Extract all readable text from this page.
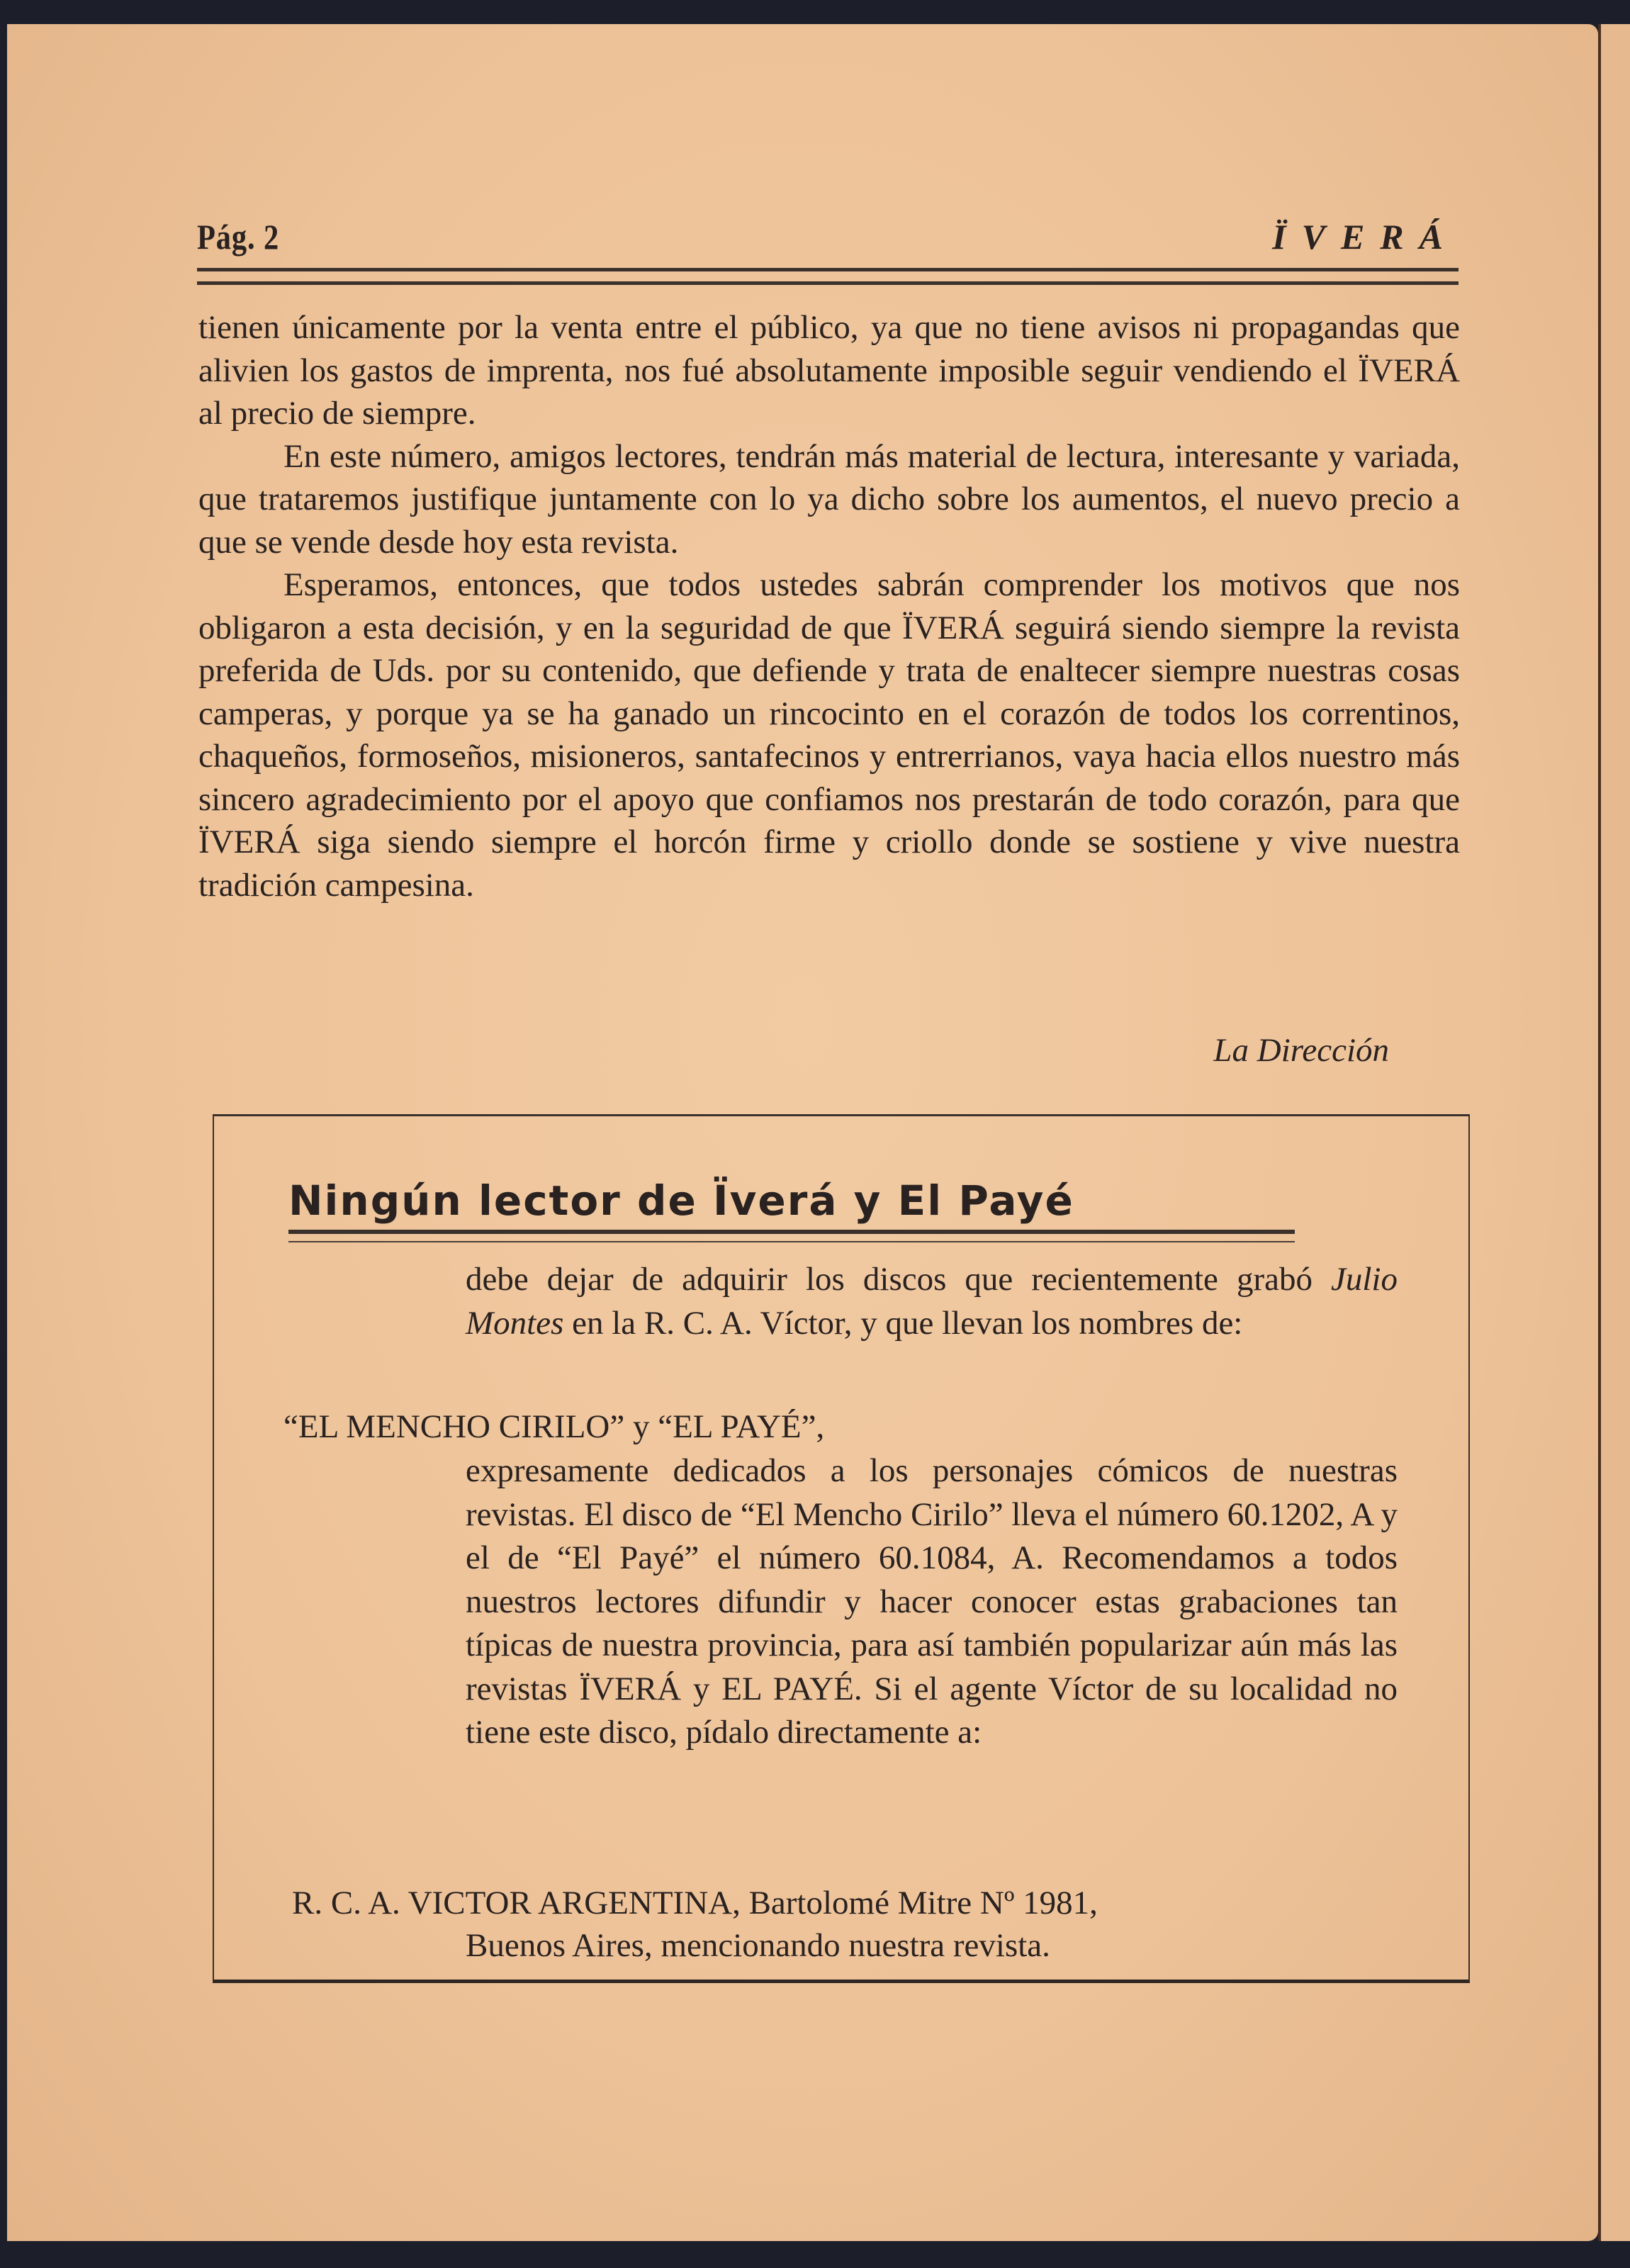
Pág. 2	ÏVERÁ

tienen únicamente por la venta entre el público, ya que no tiene avisos ni propagandas que alivien los gastos de imprenta, nos fué absolutamente imposible seguir vendiendo el ÏVERÁ al precio de siempre.

En este número, amigos lectores, tendrán más material de lectura, interesante y variada, que trataremos justifique juntamente con lo ya dicho sobre los aumentos, el nuevo precio a que se vende desde hoy esta revista.

Esperamos, entonces, que todos ustedes sabrán comprender los motivos que nos obligaron a esta decisión, y en la seguridad de que ÏVERÁ seguirá siendo siempre la revista preferida de Uds. por su contenido, que defiende y trata de enaltecer siempre nuestras cosas camperas, y porque ya se ha ganado un rincocinto en el corazón de todos los correntinos, chaqueños, formoseños, misioneros, santafecinos y entrerrianos, vaya hacia ellos nuestro más sincero agradecimiento por el apoyo que confiamos nos prestarán de todo corazón, para que ÏVERÁ siga siendo siempre el horcón firme y criollo donde se sostiene y vive nuestra tradición campesina.

La Dirección
Ningún lector de Ïverá y El Payé
debe dejar de adquirir los discos que recientemente grabó Julio Montes en la R. C. A. Víctor, y que llevan los nombres de:
“EL MENCHO CIRILO” y “EL PAYÉ”,
expresamente dedicados a los personajes cómicos de nuestras revistas. El disco de “El Mencho Cirilo” lleva el número 60.1202, A y el de “El Payé” el número 60.1084, A. Recomendamos a todos nuestros lectores difundir y hacer conocer estas grabaciones tan típicas de nuestra provincia, para así también popularizar aún más las revistas ÏVERÁ y EL PAYÉ. Si el agente Víctor de su localidad no tiene este disco, pídalo directamente a:
R. C. A. VICTOR ARGENTINA, Bartolomé Mitre Nº 1981,
Buenos Aires, mencionando nuestra revista.
